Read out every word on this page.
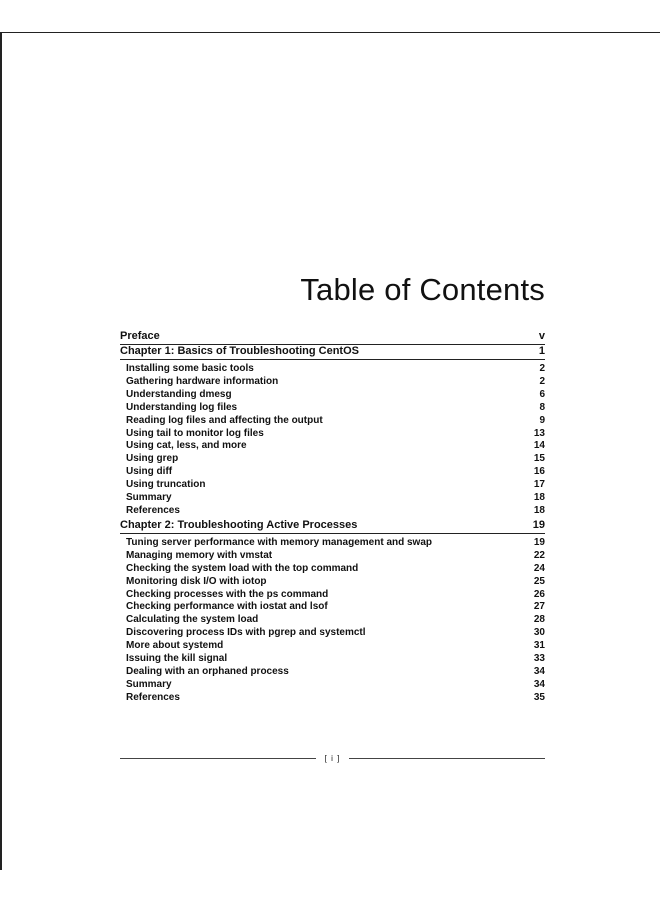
Table of Contents
Preface	v
Chapter 1: Basics of Troubleshooting CentOS	1
Installing some basic tools	2
Gathering hardware information	2
Understanding dmesg	6
Understanding log files	8
Reading log files and affecting the output	9
Using tail to monitor log files	13
Using cat, less, and more	14
Using grep	15
Using diff	16
Using truncation	17
Summary	18
References	18
Chapter 2: Troubleshooting Active Processes	19
Tuning server performance with memory management and swap	19
Managing memory with vmstat	22
Checking the system load with the top command	24
Monitoring disk I/O with iotop	25
Checking processes with the ps command	26
Checking performance with iostat and lsof	27
Calculating the system load	28
Discovering process IDs with pgrep and systemctl	30
More about systemd	31
Issuing the kill signal	33
Dealing with an orphaned process	34
Summary	34
References	35
[ i ]
